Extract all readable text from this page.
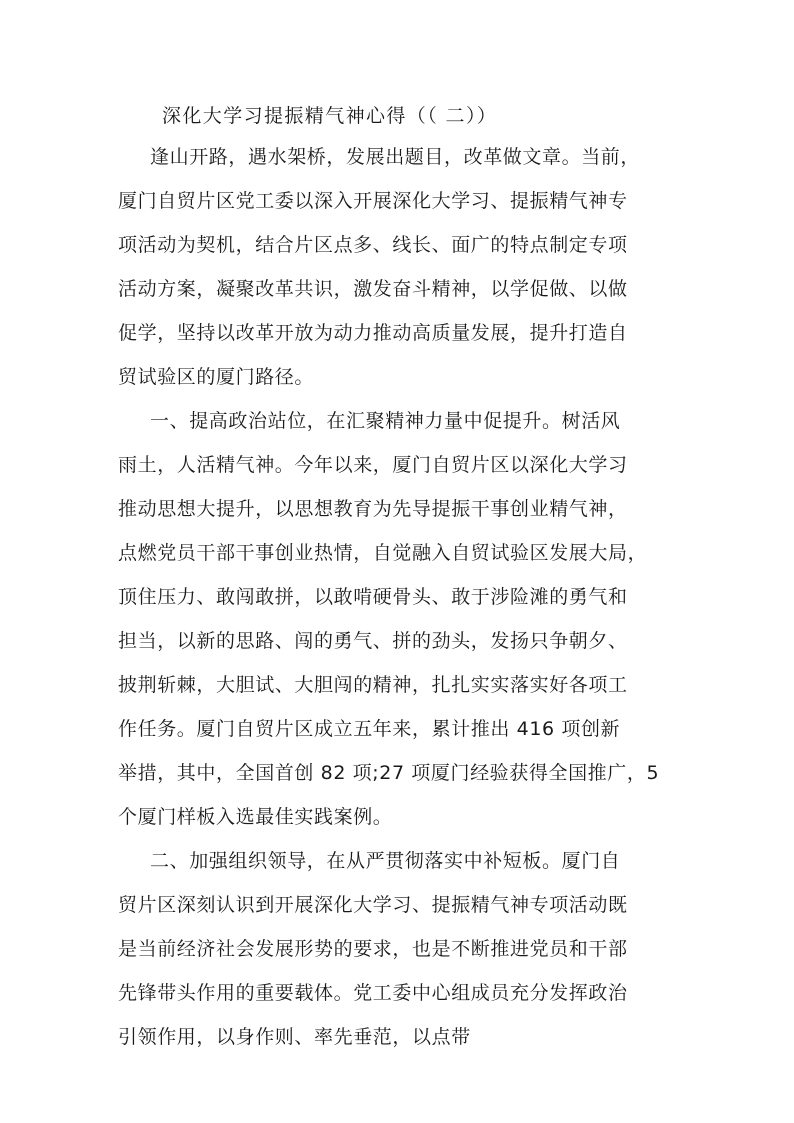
深化大学习提振精气神心得（（ 二））
逢山开路，遇水架桥，发展出题目，改革做文章。当前，
厦门自贸片区党工委以深入开展深化大学习、提振精气神专
项活动为契机，结合片区点多、线长、面广的特点制定专项
活动方案，凝聚改革共识，激发奋斗精神，以学促做、以做
促学，坚持以改革开放为动力推动高质量发展，提升打造自
贸试验区的厦门路径。
一、提高政治站位，在汇聚精神力量中促提升。树活风
雨土，人活精气神。今年以来，厦门自贸片区以深化大学习
推动思想大提升，以思想教育为先导提振干事创业精气神，
点燃党员干部干事创业热情，自觉融入自贸试验区发展大局，
顶住压力、敢闯敢拼，以敢啃硬骨头、敢于涉险滩的勇气和
担当，以新的思路、闯的勇气、拼的劲头，发扬只争朝夕、
披荆斩棘，大胆试、大胆闯的精神，扎扎实实落实好各项工
作任务。厦门自贸片区成立五年来，累计推出 416 项创新
举措，其中，全国首创 82 项;27 项厦门经验获得全国推广，5
个厦门样板入选最佳实践案例。
二、加强组织领导，在从严贯彻落实中补短板。厦门自
贸片区深刻认识到开展深化大学习、提振精气神专项活动既
是当前经济社会发展形势的要求，也是不断推进党员和干部
先锋带头作用的重要载体。党工委中心组成员充分发挥政治
引领作用，以身作则、率先垂范，以点带
